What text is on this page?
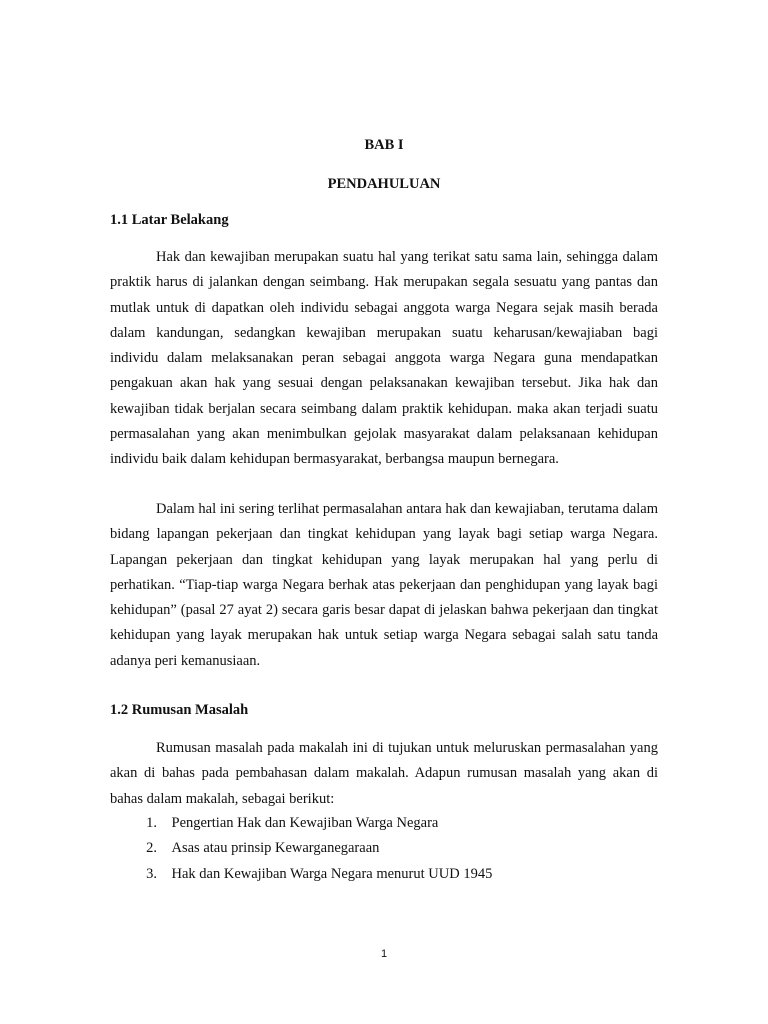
BAB I
PENDAHULUAN
1.1 Latar Belakang

Hak dan kewajiban merupakan suatu hal yang terikat satu sama lain, sehingga dalam praktik harus di jalankan dengan seimbang. Hak merupakan segala sesuatu yang pantas dan mutlak untuk di dapatkan oleh individu sebagai anggota warga Negara sejak masih berada dalam kandungan, sedangkan kewajiban merupakan suatu keharusan/kewajiaban bagi individu dalam melaksanakan peran sebagai anggota warga Negara guna mendapatkan pengakuan akan hak yang sesuai dengan pelaksanakan kewajiban tersebut. Jika hak dan kewajiban tidak berjalan secara seimbang dalam praktik kehidupan. maka akan terjadi suatu permasalahan yang akan menimbulkan gejolak masyarakat dalam pelaksanaan kehidupan individu baik dalam kehidupan bermasyarakat, berbangsa maupun bernegara.

Dalam hal ini sering terlihat permasalahan antara hak dan kewajiaban, terutama dalam bidang lapangan pekerjaan dan tingkat kehidupan yang layak bagi setiap warga Negara. Lapangan pekerjaan dan tingkat kehidupan yang layak merupakan hal yang perlu di perhatikan. “Tiap-tiap warga Negara berhak atas pekerjaan dan penghidupan yang layak bagi kehidupan” (pasal 27 ayat 2) secara garis besar dapat di jelaskan bahwa pekerjaan dan tingkat kehidupan yang layak merupakan hak untuk setiap warga Negara sebagai salah satu tanda adanya peri kemanusiaan.

1.2 Rumusan Masalah

Rumusan masalah pada makalah ini di tujukan untuk meluruskan permasalahan yang akan di bahas pada pembahasan dalam makalah. Adapun rumusan masalah yang akan di bahas dalam makalah, sebagai berikut:

1. Pengertian Hak dan Kewajiban Warga Negara
2. Asas atau prinsip Kewarganegaraan
3. Hak dan Kewajiban Warga Negara menurut UUD 1945
1
